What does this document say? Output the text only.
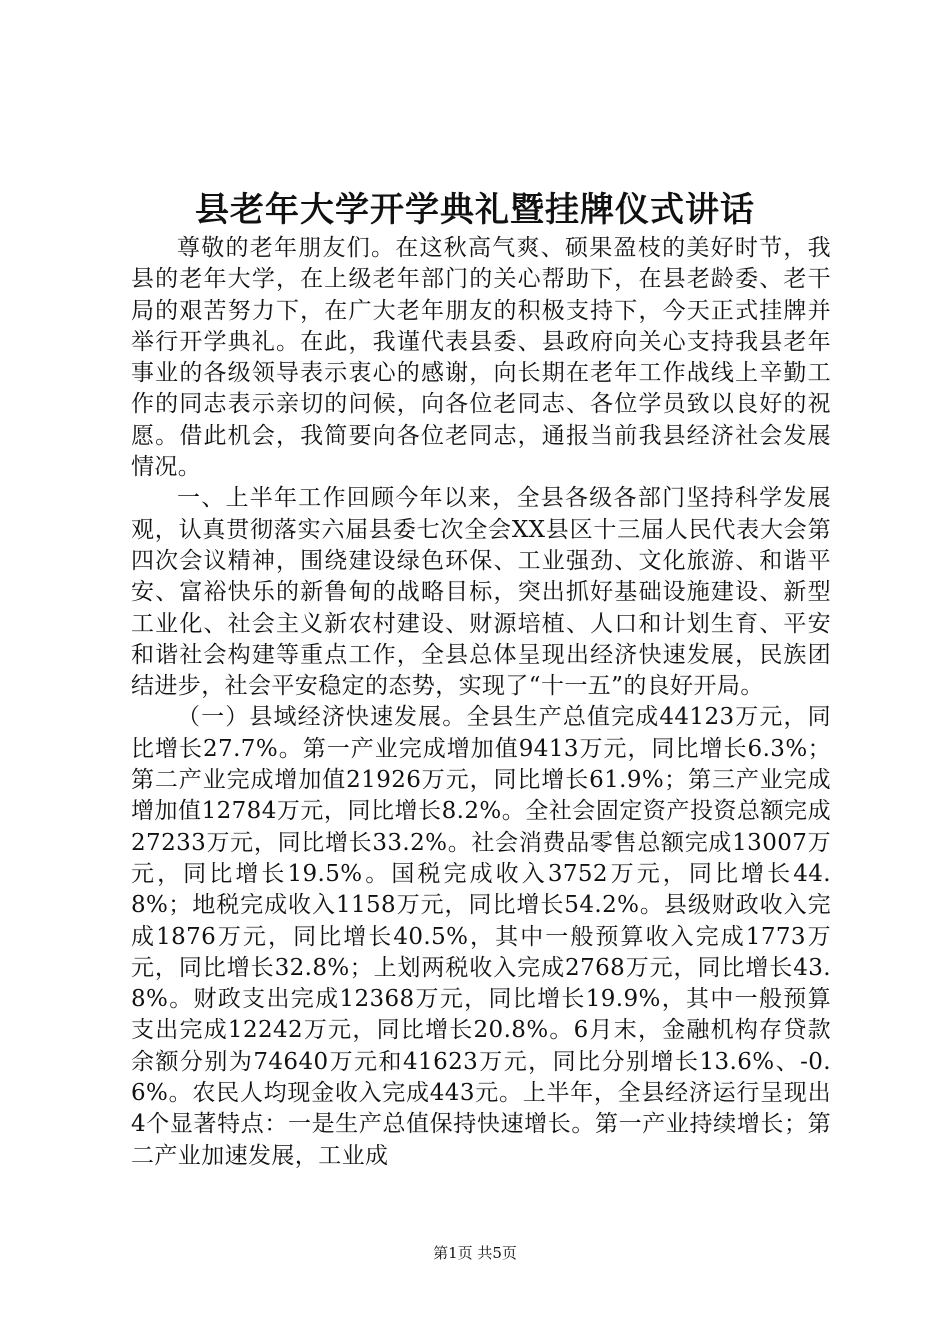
县老年大学开学典礼暨挂牌仪式讲话

尊敬的老年朋友们。在这秋高气爽、硕果盈枝的美好时节，我县的老年大学，在上级老年部门的关心帮助下，在县老龄委、老干局的艰苦努力下，在广大老年朋友的积极支持下，今天正式挂牌并举行开学典礼。在此，我谨代表县委、县政府向关心支持我县老年事业的各级领导表示衷心的感谢，向长期在老年工作战线上辛勤工作的同志表示亲切的问候，向各位老同志、各位学员致以良好的祝愿。借此机会，我简要向各位老同志，通报当前我县经济社会发展情况。

一、上半年工作回顾今年以来，全县各级各部门坚持科学发展观，认真贯彻落实六届县委七次全会XX县区十三届人民代表大会第四次会议精神，围绕建设绿色环保、工业强劲、文化旅游、和谐平安、富裕快乐的新鲁甸的战略目标，突出抓好基础设施建设、新型工业化、社会主义新农村建设、财源培植、人口和计划生育、平安和谐社会构建等重点工作，全县总体呈现出经济快速发展，民族团结进步，社会平安稳定的态势，实现了“十一五”的良好开局。

（一）县域经济快速发展。全县生产总值完成44123万元，同比增长27.7%。第一产业完成增加值9413万元，同比增长6.3%；第二产业完成增加值21926万元，同比增长61.9%；第三产业完成增加值12784万元，同比增长8.2%。全社会固定资产投资总额完成27233万元，同比增长33.2%。社会消费品零售总额完成13007万元，同比增长19.5%。国税完成收入3752万元，同比增长44.8%；地税完成收入1158万元，同比增长54.2%。县级财政收入完成1876万元，同比增长40.5%，其中一般预算收入完成1773万元，同比增长32.8%；上划两税收入完成2768万元，同比增长43.8%。财政支出完成12368万元，同比增长19.9%，其中一般预算支出完成12242万元，同比增长20.8%。6月末，金融机构存贷款余额分别为74640万元和41623万元，同比分别增长13.6%、-0.6%。农民人均现金收入完成443元。上半年，全县经济运行呈现出4个显著特点：一是生产总值保持快速增长。第一产业持续增长；第二产业加速发展，工业成

第1页 共5页
